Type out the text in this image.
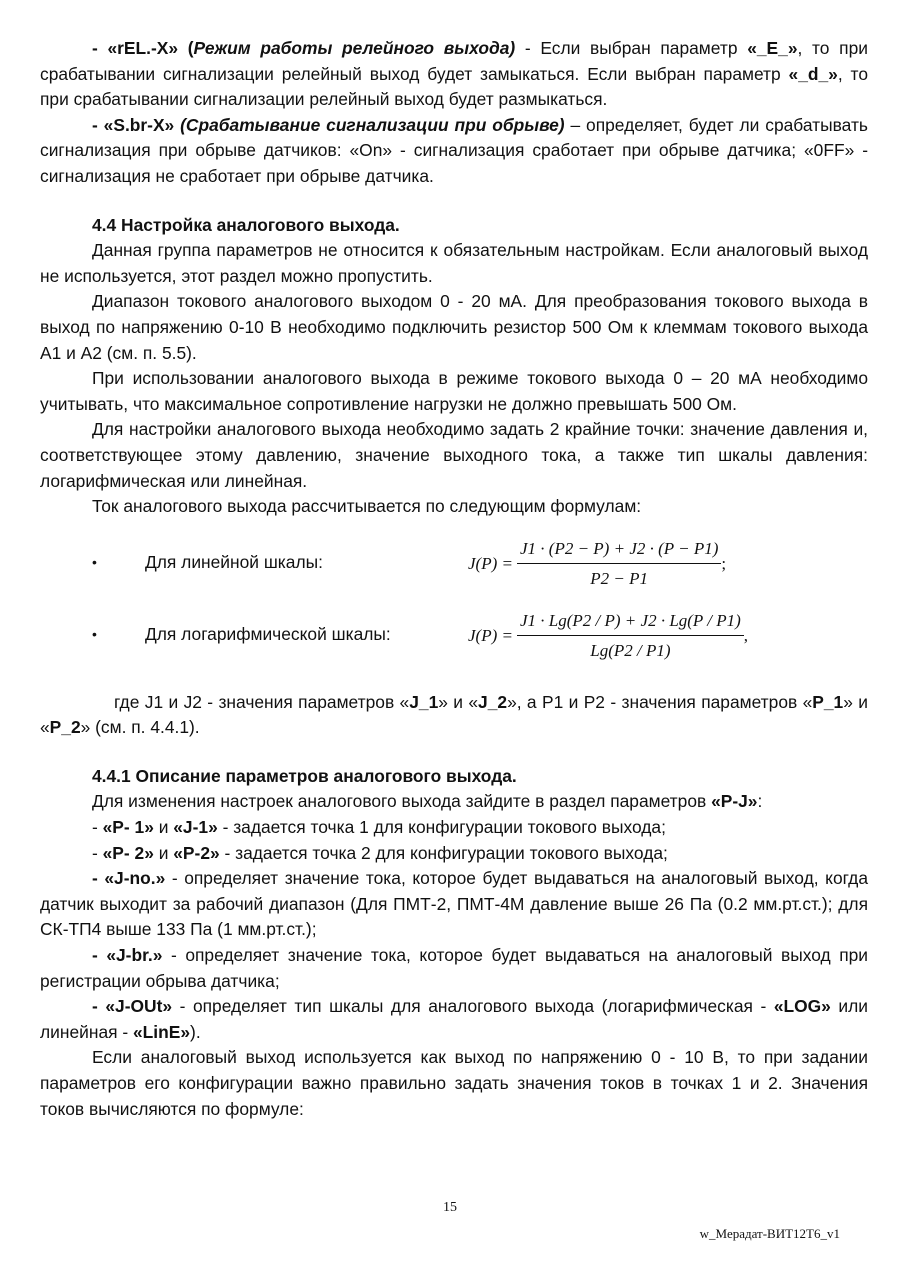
- «rEL.-X» (Режим работы релейного выхода) - Если выбран параметр «_E_», то при срабатывании сигнализации релейный выход будет замыкаться. Если выбран параметр «_d_», то при срабатывании сигнализации релейный выход будет размыкаться.

- «S.br-X» (Срабатывание сигнализации при обрыве) – определяет, будет ли срабатывать сигнализация при обрыве датчиков: «On» - сигнализация сработает при обрыве датчика; «0FF» - сигнализация не сработает при обрыве датчика.

4.4 Настройка аналогового выхода.

Данная группа параметров не относится к обязательным настройкам. Если аналоговый выход не используется, этот раздел можно пропустить.

Диапазон токового аналогового выходом 0 - 20 мА. Для преобразования токового выхода в выход по напряжению 0-10 В необходимо подключить резистор 500 Ом к клеммам токового выхода А1 и А2 (см. п. 5.5).

При использовании аналогового выхода в режиме токового выхода 0 – 20 мА необходимо учитывать, что максимальное сопротивление нагрузки не должно превышать 500 Ом.

Для настройки аналогового выхода необходимо задать 2 крайние точки: значение давления и, соответствующее этому давлению, значение выходного тока, а также тип шкалы давления: логарифмическая или линейная.

Ток аналогового выхода рассчитывается по следующим формулам:

•	Для линейной шкалы:	$J(P) = \frac{J1 \cdot (P2 - P) + J2 \cdot (P - P1)}{P2 - P1}$ ;
•	Для логарифмической шкалы:	$J(P) = \frac{J1 \cdot Lg(P2 / P) + J2 \cdot Lg(P / P1)}{Lg(P2 / P1)}$ ,

где J1 и J2 - значения параметров «J_1» и «J_2», а Р1 и Р2 - значения параметров «P_1» и «P_2» (см. п. 4.4.1).

4.4.1 Описание параметров аналогового выхода.

Для изменения настроек аналогового выхода зайдите в раздел параметров «P-J»:

- «P- 1» и «J-1» - задается точка 1 для конфигурации токового выхода;

- «P- 2» и «P-2» - задается точка 2 для конфигурации токового выхода;

- «J-no.» - определяет значение тока, которое будет выдаваться на аналоговый выход, когда датчик выходит за рабочий диапазон (Для ПМТ-2, ПМТ-4М давление выше 26 Па (0.2 мм.рт.ст.); для СК-ТП4 выше 133 Па (1 мм.рт.ст.);

- «J-br.» - определяет значение тока, которое будет выдаваться на аналоговый выход при регистрации обрыва датчика;

- «J-OUt» - определяет тип шкалы для аналогового выхода (логарифмическая - «LOG» или линейная - «LinE»).

Если аналоговый выход используется как выход по напряжению 0 - 10 В, то при задании параметров его конфигурации важно правильно задать значения токов в точках 1 и 2. Значения токов вычисляются по формуле:

15
w_Мерадат-ВИТ12Т6_v1
